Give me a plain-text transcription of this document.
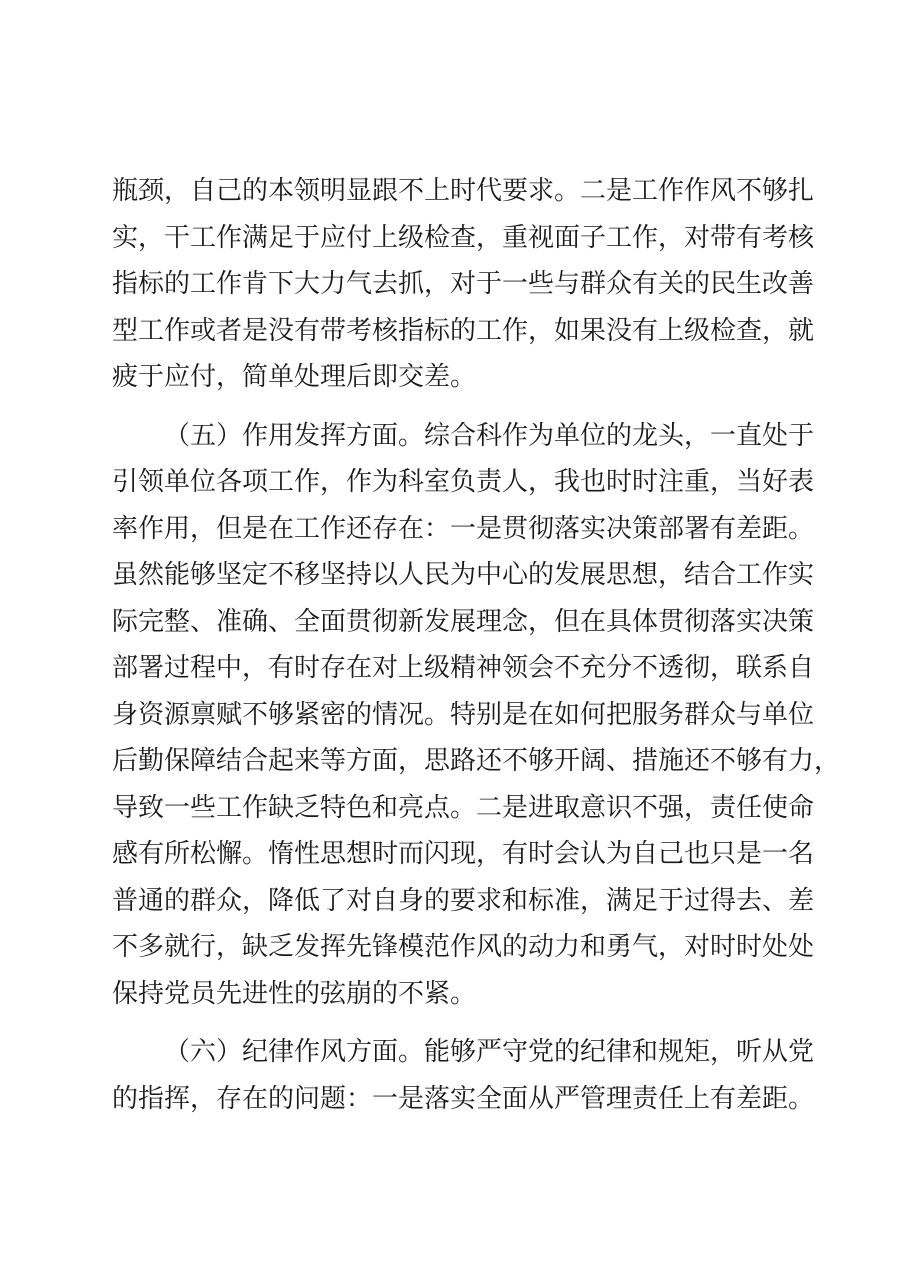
瓶颈，自己的本领明显跟不上时代要求。二是工作作风不够扎
实，干工作满足于应付上级检查，重视面子工作，对带有考核
指标的工作肯下大力气去抓，对于一些与群众有关的民生改善
型工作或者是没有带考核指标的工作，如果没有上级检查，就
疲于应付，简单处理后即交差。
（五）作用发挥方面。综合科作为单位的龙头，一直处于
引领单位各项工作，作为科室负责人，我也时时注重，当好表
率作用，但是在工作还存在：一是贯彻落实决策部署有差距。
虽然能够坚定不移坚持以人民为中心的发展思想，结合工作实
际完整、准确、全面贯彻新发展理念，但在具体贯彻落实决策
部署过程中，有时存在对上级精神领会不充分不透彻，联系自
身资源禀赋不够紧密的情况。特别是在如何把服务群众与单位
后勤保障结合起来等方面，思路还不够开阔、措施还不够有力，
导致一些工作缺乏特色和亮点。二是进取意识不强，责任使命
感有所松懈。惰性思想时而闪现，有时会认为自己也只是一名
普通的群众，降低了对自身的要求和标准，满足于过得去、差
不多就行，缺乏发挥先锋模范作风的动力和勇气，对时时处处
保持党员先进性的弦崩的不紧。
（六）纪律作风方面。能够严守党的纪律和规矩，听从党
的指挥，存在的问题：一是落实全面从严管理责任上有差距。
